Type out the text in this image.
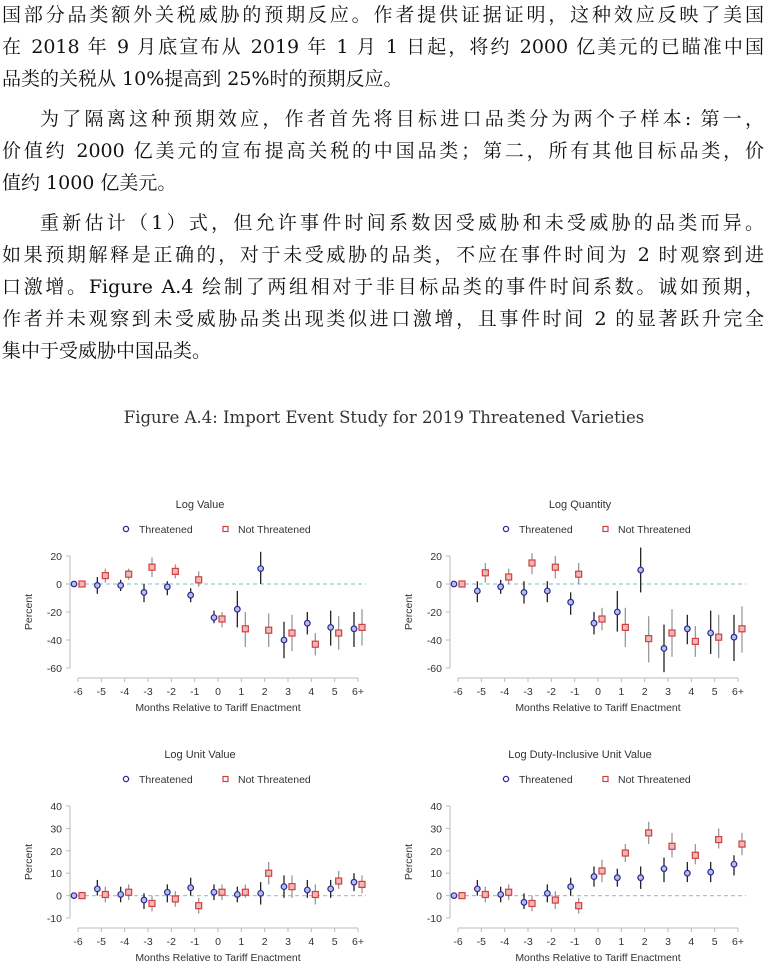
国部分品类额外关税威胁的预期反应。作者提供证据证明，这种效应反映了美国
在 2018 年 9 月底宣布从 2019 年 1 月 1 日起，将约 2000 亿美元的已瞄准中国
品类的关税从 10%提高到 25%时的预期反应。
为了隔离这种预期效应，作者首先将目标进口品类分为两个子样本: 第一，
价值约 2000 亿美元的宣布提高关税的中国品类；第二，所有其他目标品类，价
值约 1000 亿美元。
重新估计（1）式，但允许事件时间系数因受威胁和未受威胁的品类而异。
如果预期解释是正确的，对于未受威胁的品类，不应在事件时间为 2 时观察到进
口激增。Figure A.4 绘制了两组相对于非目标品类的事件时间系数。诚如预期，
作者并未观察到未受威胁品类出现类似进口激增，且事件时间 2 的显著跃升完全
集中于受威胁中国品类。
Figure A.4: Import Event Study for 2019 Threatened Varieties
Log Value
Threatened	Not Threatened
20
0
-20
-40
-60
Percent
-6 -5 -4 -3 -2 -1 0 1 2 3 4 5 6+
Months Relative to Tariff Enactment
Log Quantity
Threatened	Not Threatened
20
0
-20
-40
-60
Percent
-6 -5 -4 -3 -2 -1 0 1 2 3 4 5 6+
Months Relative to Tariff Enactment
Log Unit Value
Threatened	Not Threatened
40
30
20
10
0
-10
Percent
-6 -5 -4 -3 -2 -1 0 1 2 3 4 5 6+
Months Relative to Tariff Enactment
Log Duty-Inclusive Unit Value
Threatened	Not Threatened
40
30
20
10
0
-10
Percent
-6 -5 -4 -3 -2 -1 0 1 2 3 4 5 6+
Months Relative to Tariff Enactment
